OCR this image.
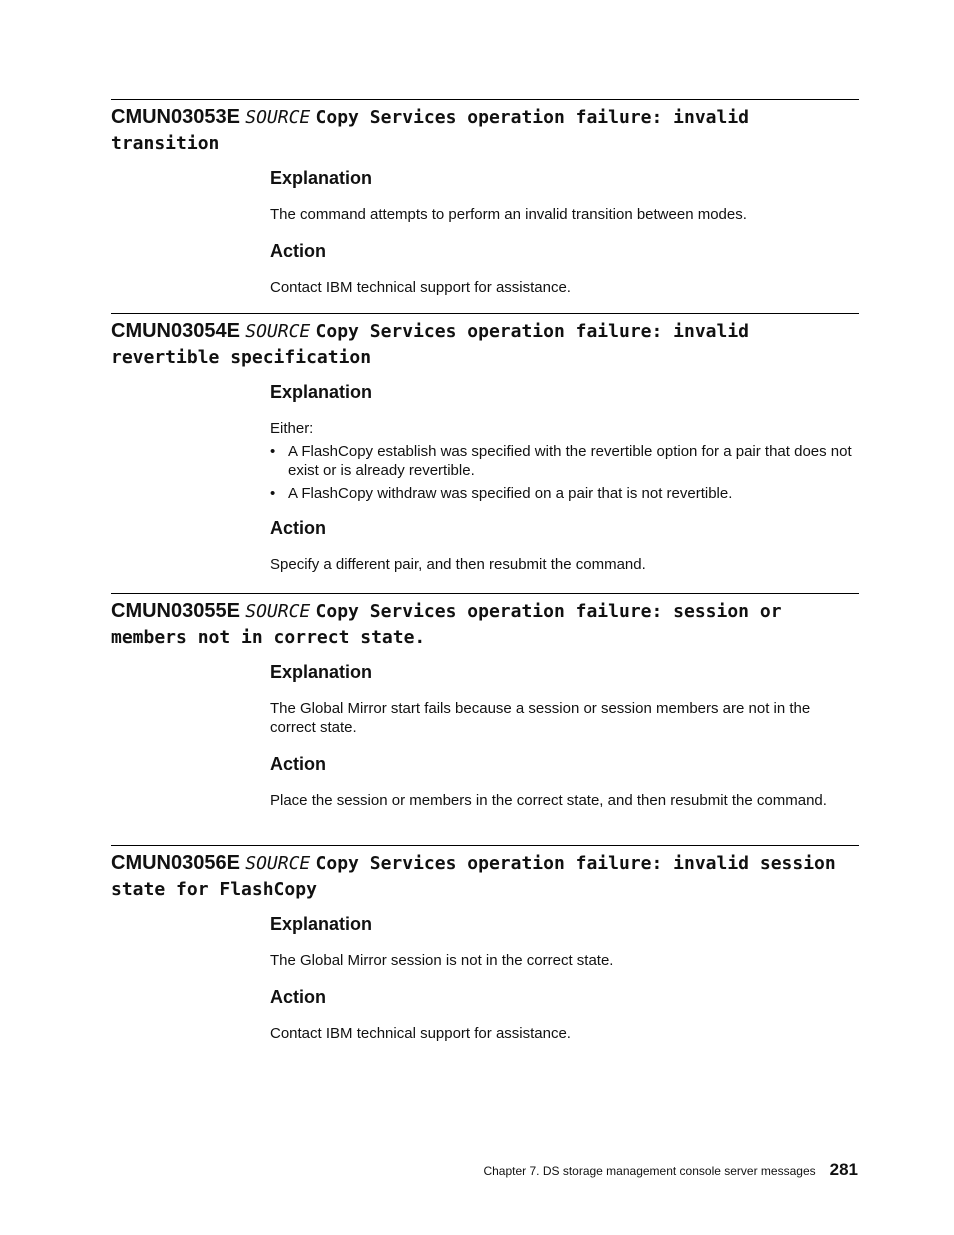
CMUN03053E SOURCE Copy Services operation failure: invalid transition
Explanation

The command attempts to perform an invalid transition between modes.

Action

Contact IBM technical support for assistance.

CMUN03054E SOURCE Copy Services operation failure: invalid revertible specification
Explanation

Either:

• A FlashCopy establish was specified with the revertible option for a pair that does not exist or is already revertible.
• A FlashCopy withdraw was specified on a pair that is not revertible.
Action

Specify a different pair, and then resubmit the command.

CMUN03055E SOURCE Copy Services operation failure: session or members not in correct state.
Explanation

The Global Mirror start fails because a session or session members are not in the correct state.

Action

Place the session or members in the correct state, and then resubmit the command.

CMUN03056E SOURCE Copy Services operation failure: invalid session state for FlashCopy
Explanation

The Global Mirror session is not in the correct state.

Action

Contact IBM technical support for assistance.

Chapter 7. DS storage management console server messages 281
